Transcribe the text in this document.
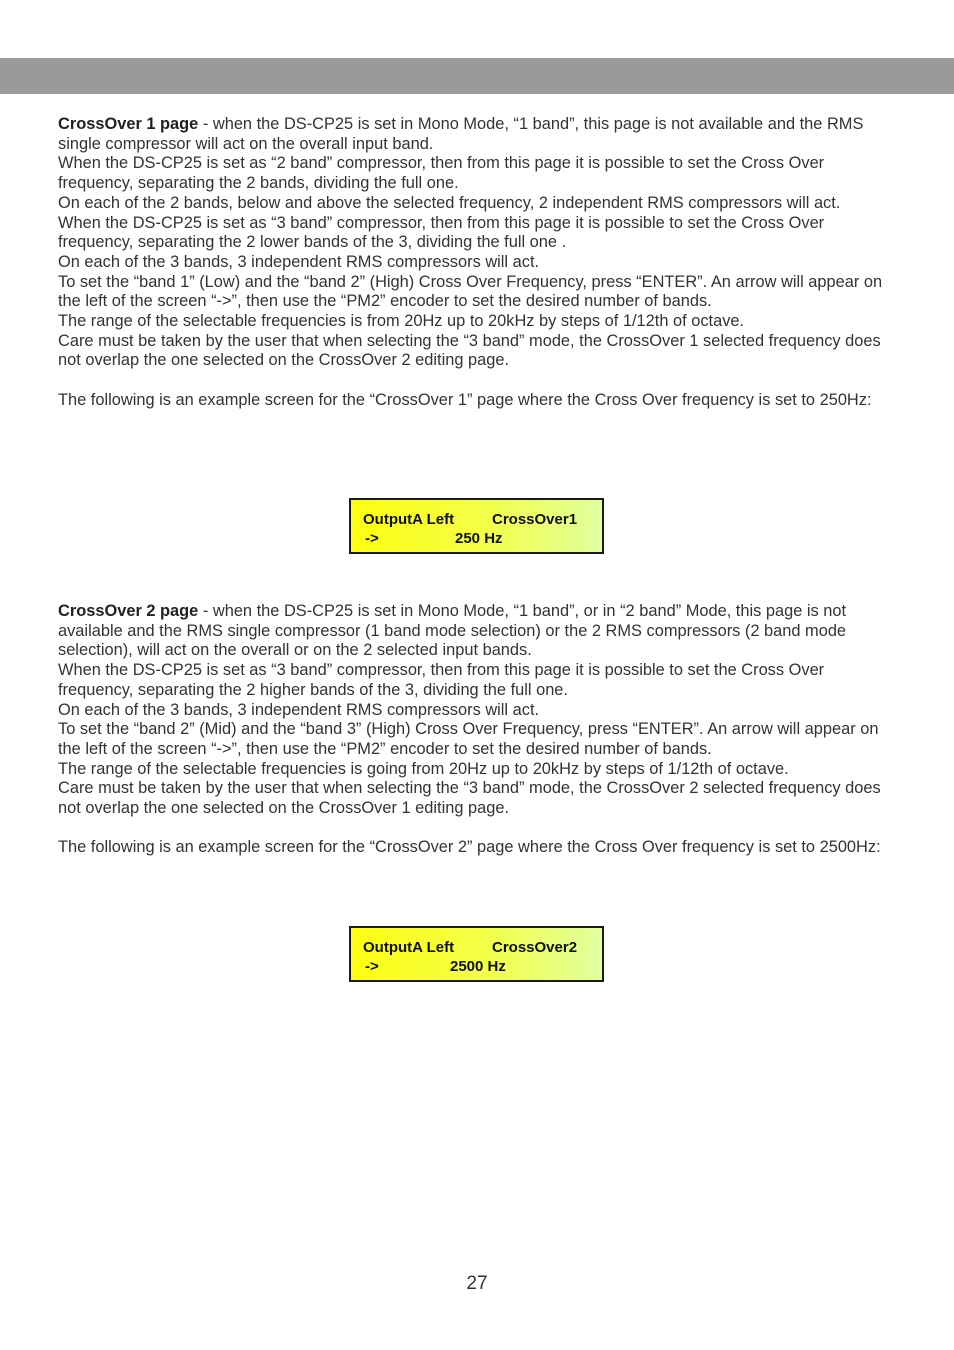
CrossOver 1 page - when the DS-CP25 is set in Mono Mode, “1 band”, this page is not available and the RMS single compressor will act on the overall input band.

When the DS-CP25 is set as “2 band” compressor, then from this page it is possible to set the Cross Over frequency, separating the 2 bands, dividing the full one.

On each of the 2 bands, below and above the selected frequency, 2 independent RMS compressors will act.

When the DS-CP25 is set as “3 band” compressor, then from this page it is possible to set the Cross Over frequency, separating the 2 lower bands of the 3, dividing the full one .

On each of the 3 bands, 3 independent RMS compressors will act.

To set the “band 1” (Low) and the “band 2” (High) Cross Over Frequency, press “ENTER”. An arrow will appear on the left of the screen “->”, then use the “PM2” encoder to set the desired number of bands.

The range of the selectable frequencies is from 20Hz up to 20kHz by steps of 1/12th of octave.

Care must be taken by the user that when selecting the “3 band” mode, the CrossOver 1 selected frequency does not overlap the one selected on the CrossOver 2 editing page.

The following is an example screen for the “CrossOver 1” page where the Cross Over frequency is set to 250Hz:

OutputA Left	CrossOver1
->	250 Hz

CrossOver 2 page - when the DS-CP25 is set in Mono Mode, “1 band”, or in “2 band” Mode, this page is not available and the RMS single compressor (1 band mode selection) or the 2 RMS compressors (2 band mode selection), will act on the overall or on the 2 selected input bands.

When the DS-CP25 is set as “3 band” compressor, then from this page it is possible to set the Cross Over frequency, separating the 2 higher bands of the 3, dividing the full one.

On each of the 3 bands, 3 independent RMS compressors will act.

To set the “band 2” (Mid) and the “band 3” (High) Cross Over Frequency, press “ENTER”. An arrow will appear on the left of the screen “->”, then use the “PM2” encoder to set the desired number of bands.

The range of the selectable frequencies is going from 20Hz up to 20kHz by steps of 1/12th of octave.

Care must be taken by the user that when selecting the “3 band” mode, the CrossOver 2 selected frequency does not overlap the one selected on the CrossOver 1 editing page.

The following is an example screen for the “CrossOver 2” page where the Cross Over frequency is set to 2500Hz:

OutputA Left	CrossOver2
->	2500 Hz
27
